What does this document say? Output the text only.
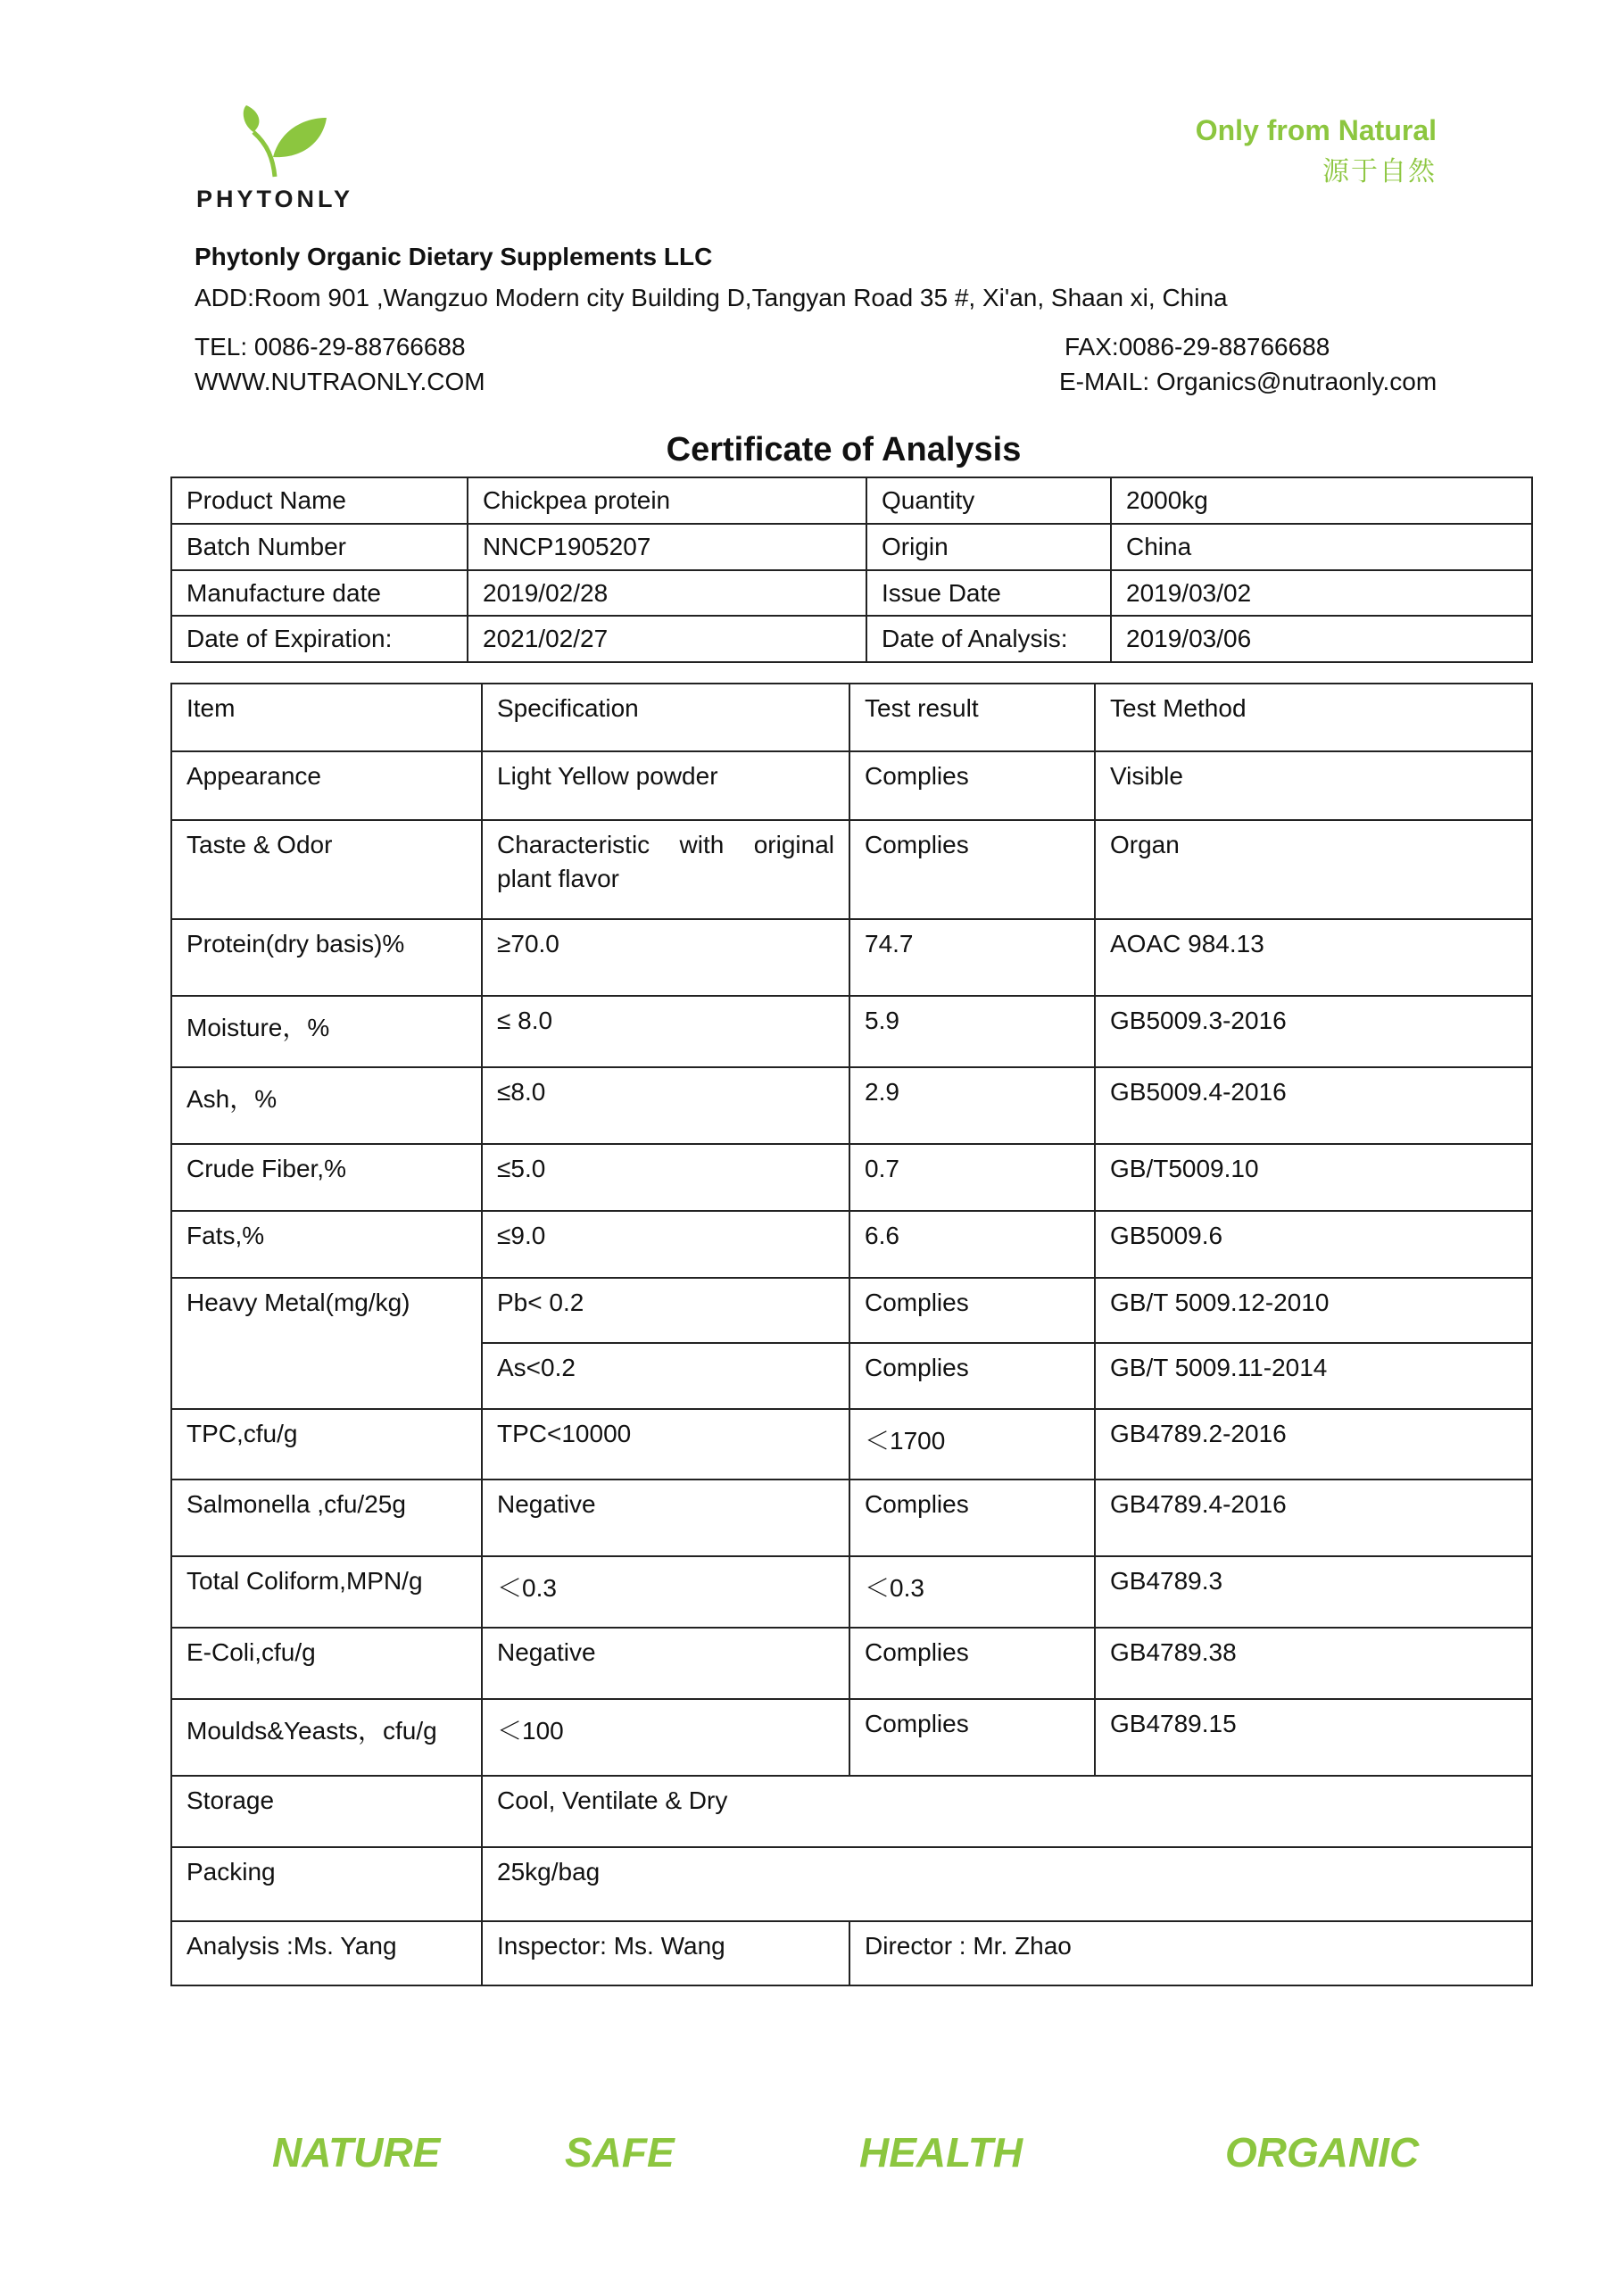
PHYTONLY
Only from Natural
源于自然
Phytonly Organic Dietary Supplements LLC
ADD:Room 901 ,Wangzuo Modern city Building D,Tangyan Road 35 #, Xi'an, Shaan xi, China
TEL: 0086-29-88766688
WWW.NUTRAONLY.COM
FAX:0086-29-88766688
E-MAIL: Organics@nutraonly.com
Certificate of Analysis
Product Name	Chickpea protein	Quantity	2000kg
Batch Number	NNCP1905207	Origin	China
Manufacture date	2019/02/28	Issue Date	2019/03/02
Date of Expiration:	2021/02/27	Date of Analysis:	2019/03/06
Item	Specification	Test result	Test Method
Appearance	Light Yellow powder	Complies	Visible
Taste & Odor	Characteristic with original plant flavor	Complies	Organ
Protein(dry basis)%	≥70.0	74.7	AOAC 984.13
Moisture，%	≤ 8.0	5.9	GB5009.3-2016
Ash，%	≤8.0	2.9	GB5009.4-2016
Crude Fiber,%	≤5.0	0.7	GB/T5009.10
Fats,%	≤9.0	6.6	GB5009.6
Heavy Metal(mg/kg)	Pb< 0.2	Complies	GB/T 5009.12-2010
	As<0.2	Complies	GB/T 5009.11-2014
TPC,cfu/g	TPC<10000	＜1700	GB4789.2-2016
Salmonella ,cfu/25g	Negative	Complies	GB4789.4-2016
Total Coliform,MPN/g	＜0.3	＜0.3	GB4789.3
E-Coli,cfu/g	Negative	Complies	GB4789.38
Moulds&Yeasts，cfu/g	＜100	Complies	GB4789.15
Storage	Cool, Ventilate & Dry		
Packing	25kg/bag		
Analysis :Ms. Yang	Inspector: Ms. Wang	Director : Mr. Zhao	
NATURE	SAFE	HEALTH	ORGANIC
